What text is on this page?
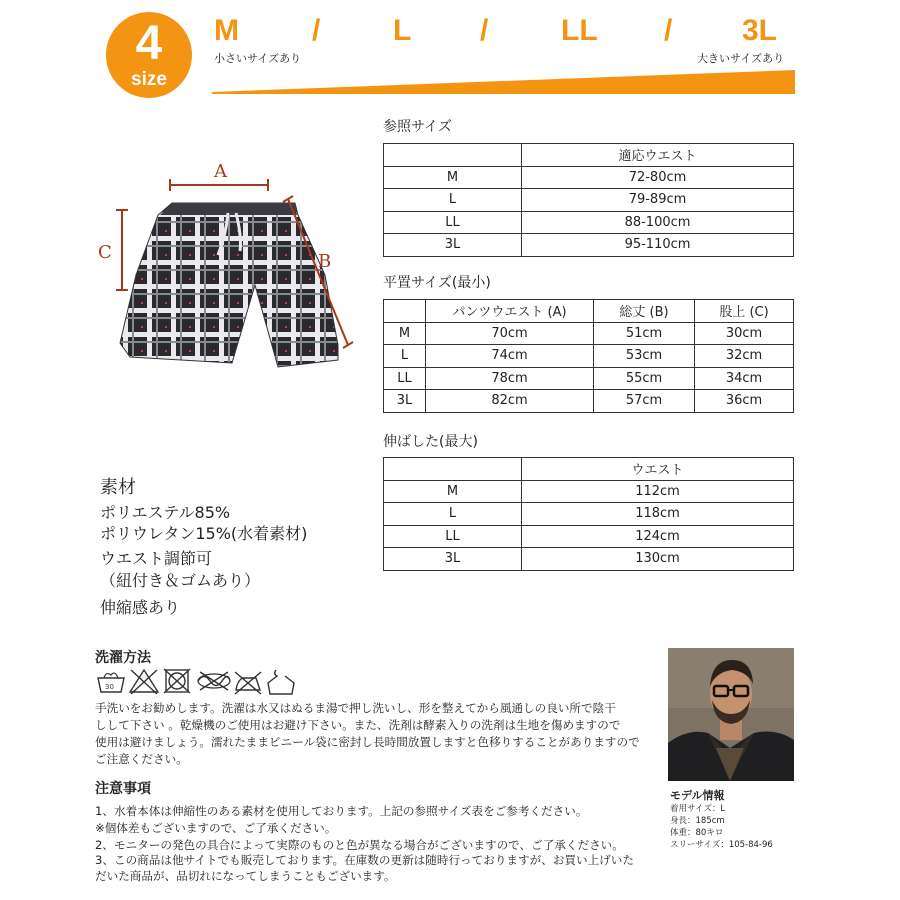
4
size
M / L / LL / 3L
小さいサイズあり	大きいサイズあり
A
B
C
参照サイズ
	適応ウエスト
M	72-80cm
L	79-89cm
LL	88-100cm
3L	95-110cm
平置サイズ(最小)
	パンツウエスト (A)	総丈 (B)	股上 (C)
M	70cm	51cm	30cm
L	74cm	53cm	32cm
LL	78cm	55cm	34cm
3L	82cm	57cm	36cm
伸ばした(最大)
	ウエスト
M	112cm
L	118cm
LL	124cm
3L	130cm
素材
ポリエステル85%
ポリウレタン15%(水着素材)
ウエスト調節可
（紐付き＆ゴムあり）
伸縮感あり
洗濯方法
30
手洗いをお勧めします。洗濯は水又はぬるま湯で押し洗いし、形を整えてから風通しの良い所で陰干
しして下さい 。乾燥機のご使用はお避け下さい。また、洗剤は酵素入りの洗剤は生地を傷めますので
使用は避けましょう。濡れたままビニール袋に密封し長時間放置しますと色移りすることがありますので
ご注意ください。
注意事項
1、水着本体は伸縮性のある素材を使用しております。上記の参照サイズ表をご参考ください。
※個体差もございますので、ご了承ください。
2、モニターの発色の具合によって実際のものと色が異なる場合がございますので、ご了承ください。
3、この商品は他サイトでも販売しております。在庫数の更新は随時行っておりますが、お買い上げいた
だいた商品が、品切れになってしまうこともございます。
モデル情報
着用サイズ：L
身長：185cm
体重：80キロ
スリーサイズ：105-84-96
